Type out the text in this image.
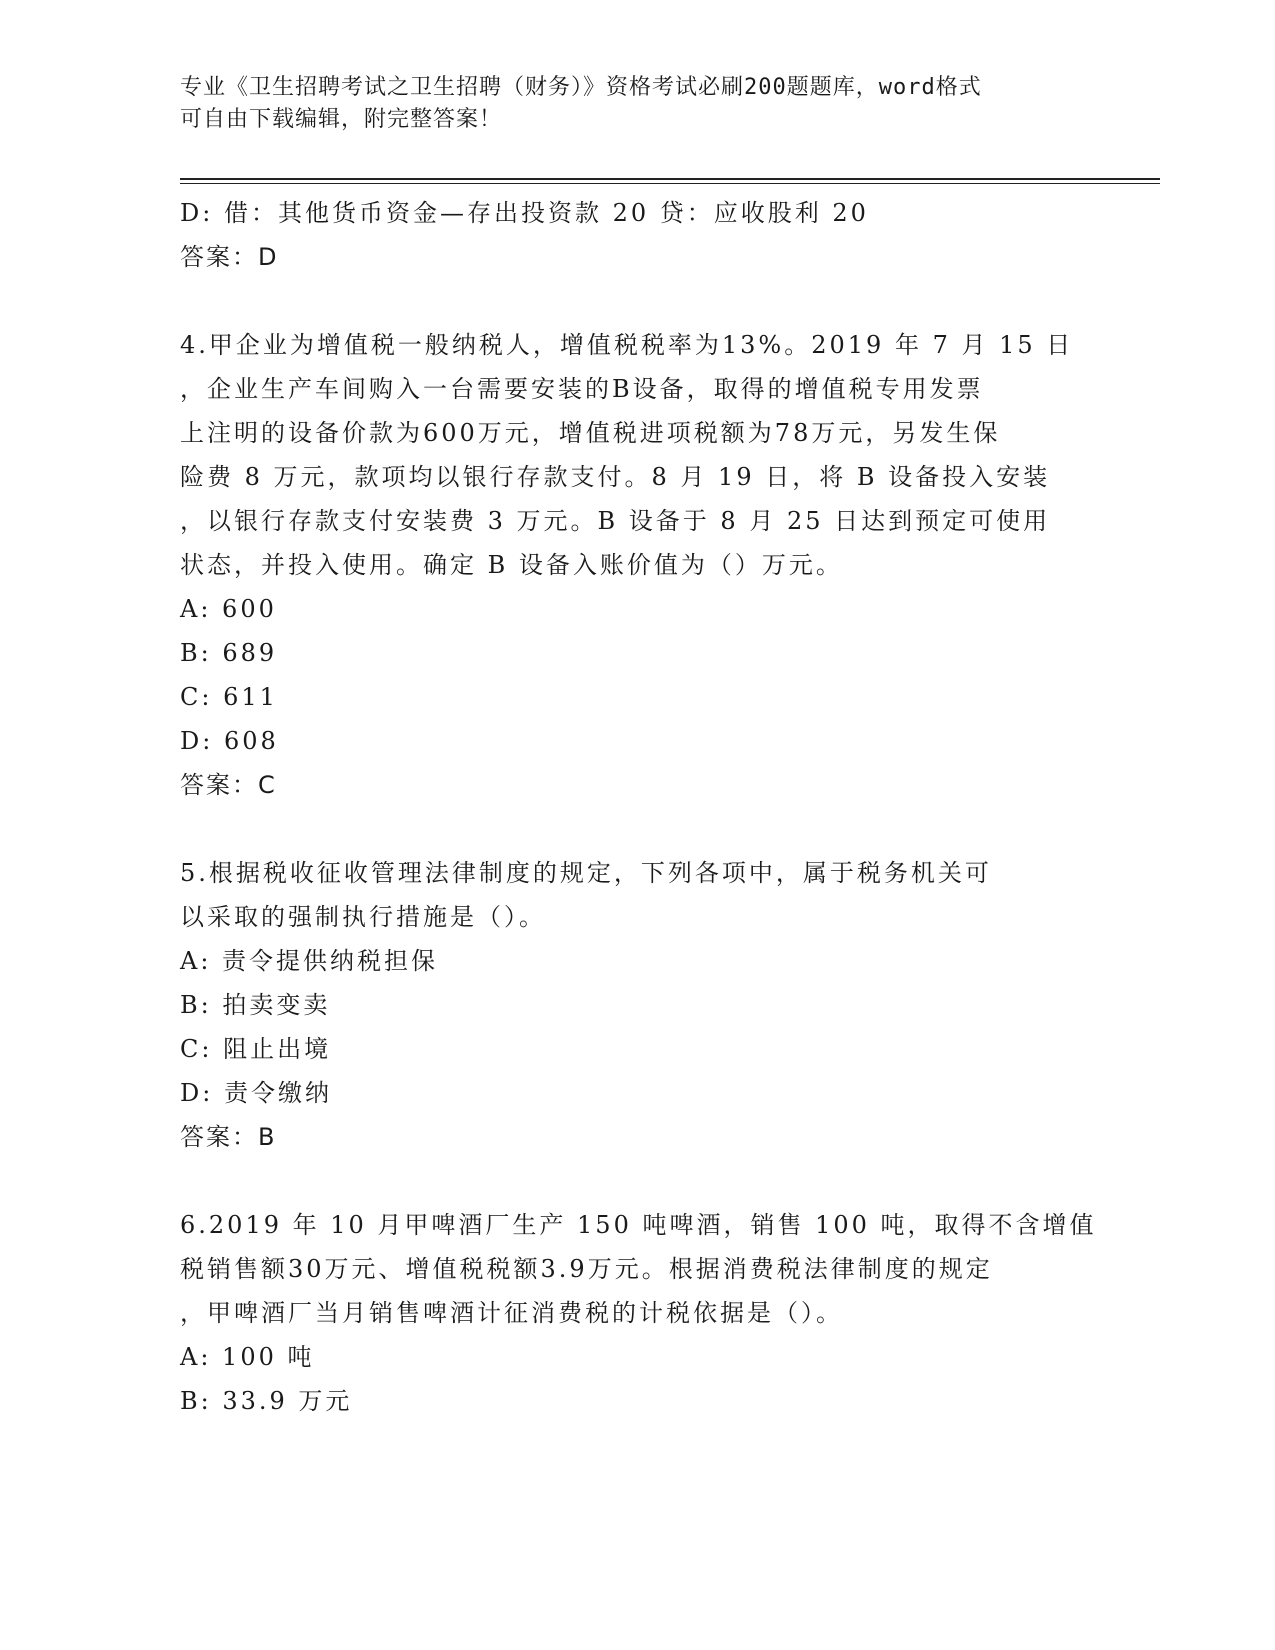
专业《卫生招聘考试之卫生招聘（财务）》资格考试必刷200题题库，word格式
可自由下载编辑，附完整答案！
D: 借：其他货币资金—存出投资款 20 贷：应收股利 20
答案：D
4.甲企业为增值税一般纳税人，增值税税率为13%。2019 年 7 月 15 日
，企业生产车间购入一台需要安装的B设备，取得的增值税专用发票
上注明的设备价款为600万元，增值税进项税额为78万元，另发生保
险费 8 万元，款项均以银行存款支付。8 月 19 日，将 B 设备投入安装
，以银行存款支付安装费 3 万元。B 设备于 8 月 25 日达到预定可使用
状态，并投入使用。确定 B 设备入账价值为（）万元。
A: 600
B: 689
C: 611
D: 608
答案：C
5.根据税收征收管理法律制度的规定，下列各项中，属于税务机关可
以采取的强制执行措施是（）。
A: 责令提供纳税担保
B: 拍卖变卖
C: 阻止出境
D: 责令缴纳
答案：B
6.2019 年 10 月甲啤酒厂生产 150 吨啤酒，销售 100 吨，取得不含增值
税销售额30万元、增值税税额3.9万元。根据消费税法律制度的规定
，甲啤酒厂当月销售啤酒计征消费税的计税依据是（）。
A: 100 吨
B: 33.9 万元
